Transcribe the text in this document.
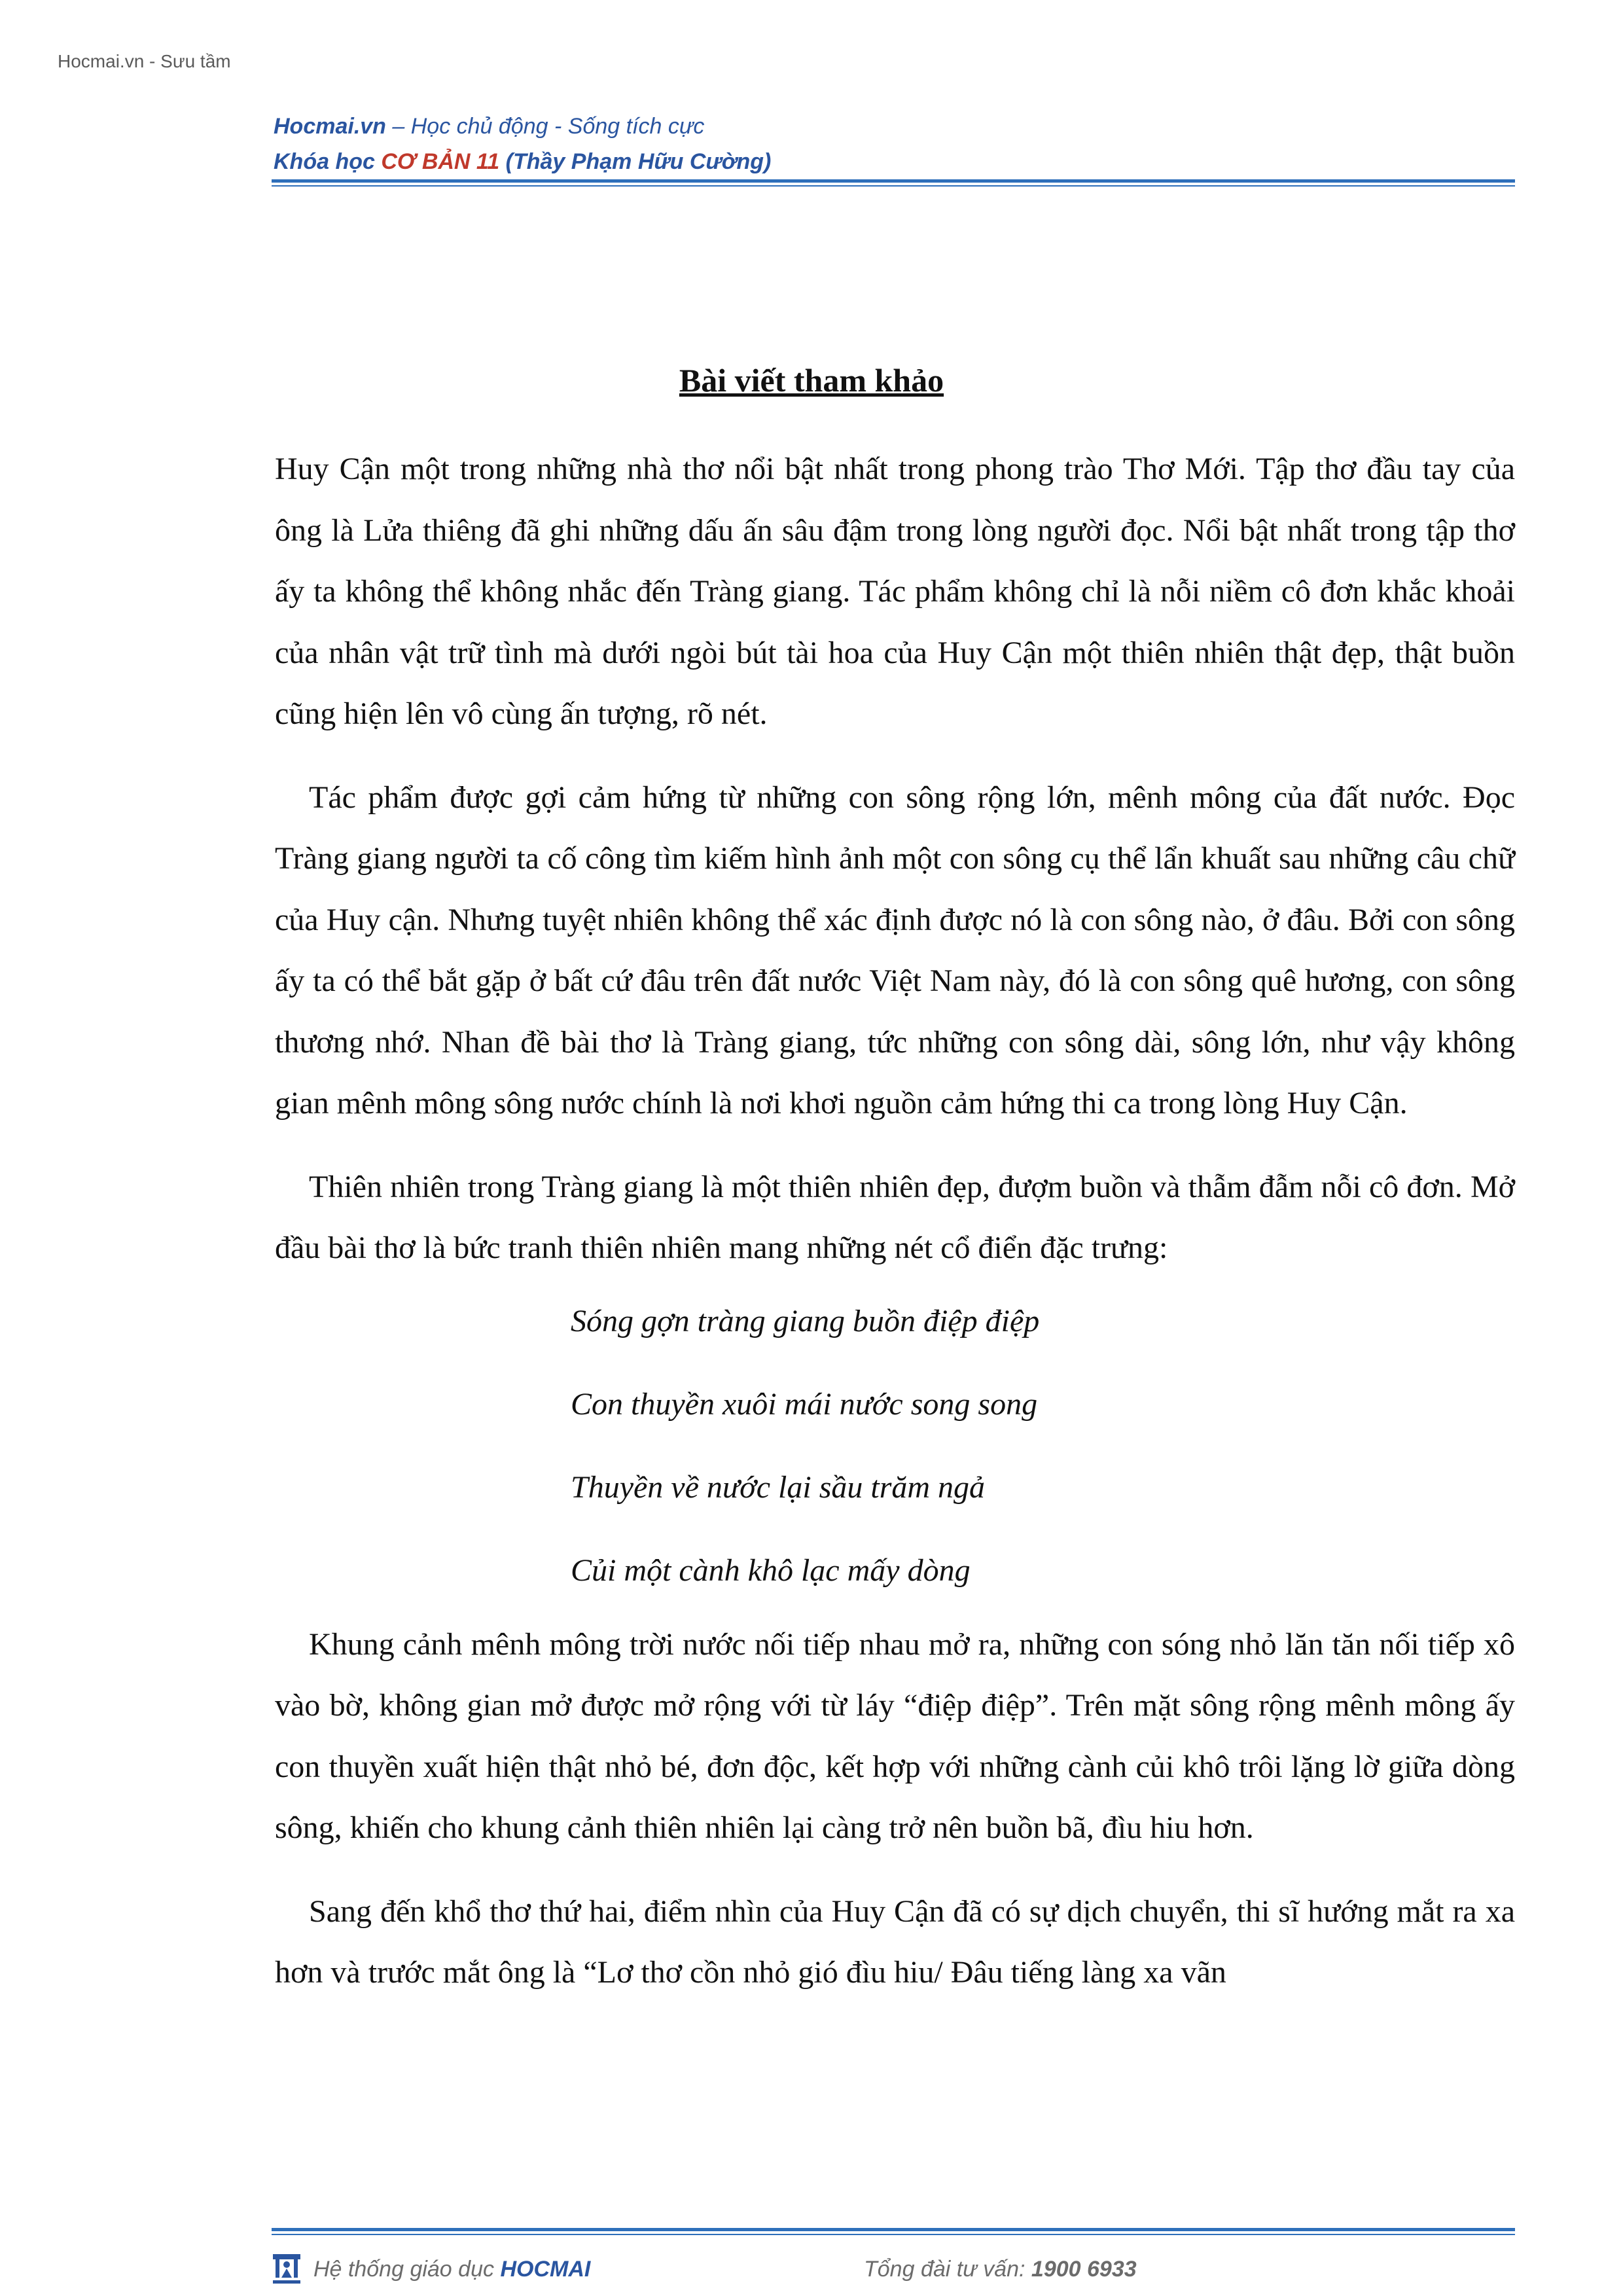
Hocmai.vn - Sưu tầm
Hocmai.vn – Học chủ động - Sống tích cực
Khóa học CƠ BẢN 11 (Thầy Phạm Hữu Cường)
Bài viết tham khảo

Huy Cận một trong những nhà thơ nổi bật nhất trong phong trào Thơ Mới. Tập thơ đầu tay của ông là Lửa thiêng đã ghi những dấu ấn sâu đậm trong lòng người đọc. Nổi bật nhất trong tập thơ ấy ta không thể không nhắc đến Tràng giang. Tác phẩm không chỉ là nỗi niềm cô đơn khắc khoải của nhân vật trữ tình mà dưới ngòi bút tài hoa của Huy Cận một thiên nhiên thật đẹp, thật buồn cũng hiện lên vô cùng ấn tượng, rõ nét.

Tác phẩm được gợi cảm hứng từ những con sông rộng lớn, mênh mông của đất nước. Đọc Tràng giang người ta cố công tìm kiếm hình ảnh một con sông cụ thể lẩn khuất sau những câu chữ của Huy cận. Nhưng tuyệt nhiên không thể xác định được nó là con sông nào, ở đâu. Bởi con sông ấy ta có thể bắt gặp ở bất cứ đâu trên đất nước Việt Nam này, đó là con sông quê hương, con sông thương nhớ. Nhan đề bài thơ là Tràng giang, tức những con sông dài, sông lớn, như vậy không gian mênh mông sông nước chính là nơi khơi nguồn cảm hứng thi ca trong lòng Huy Cận.

Thiên nhiên trong Tràng giang là một thiên nhiên đẹp, đượm buồn và thẫm đẫm nỗi cô đơn. Mở đầu bài thơ là bức tranh thiên nhiên mang những nét cổ điển đặc trưng:

Sóng gợn tràng giang buồn điệp điệp
Con thuyền xuôi mái nước song song
Thuyền về nước lại sầu trăm ngả
Củi một cành khô lạc mấy dòng

Khung cảnh mênh mông trời nước nối tiếp nhau mở ra, những con sóng nhỏ lăn tăn nối tiếp xô vào bờ, không gian mở được mở rộng với từ láy “điệp điệp”. Trên mặt sông rộng mênh mông ấy con thuyền xuất hiện thật nhỏ bé, đơn độc, kết hợp với những cành củi khô trôi lặng lờ giữa dòng sông, khiến cho khung cảnh thiên nhiên lại càng trở nên buồn bã, đìu hiu hơn.

Sang đến khổ thơ thứ hai, điểm nhìn của Huy Cận đã có sự dịch chuyển, thi sĩ hướng mắt ra xa hơn và trước mắt ông là “Lơ thơ cồn nhỏ gió đìu hiu/ Đâu tiếng làng xa vãn

Hệ thống giáo dục HOCMAI	Tổng đài tư vấn: 1900 6933
